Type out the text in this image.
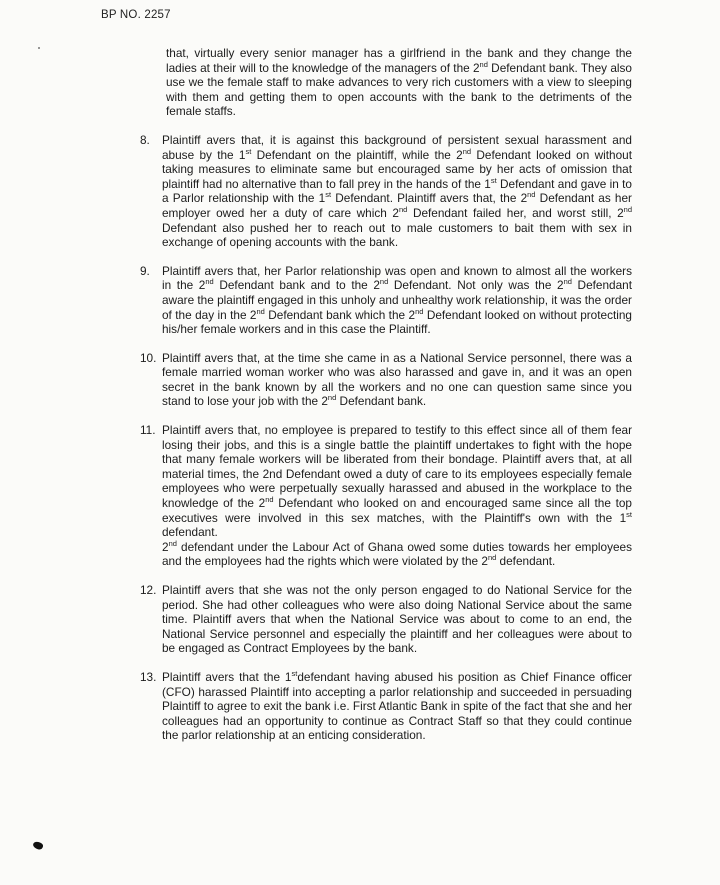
BP NO. 2257

that, virtually every senior manager has a girlfriend in the bank and they change the ladies at their will to the knowledge of the managers of the 2nd Defendant bank. They also use we the female staff to make advances to very rich customers with a view to sleeping with them and getting them to open accounts with the bank to the detriments of the female staffs.

8.	Plaintiff avers that, it is against this background of persistent sexual harassment and abuse by the 1st Defendant on the plaintiff, while the 2nd Defendant looked on without taking measures to eliminate same but encouraged same by her acts of omission that plaintiff had no alternative than to fall prey in the hands of the 1st Defendant and gave in to a Parlor relationship with the 1st Defendant. Plaintiff avers that, the 2nd Defendant as her employer owed her a duty of care which 2nd Defendant failed her, and worst still, 2nd Defendant also pushed her to reach out to male customers to bait them with sex in exchange of opening accounts with the bank.

9.	Plaintiff avers that, her Parlor relationship was open and known to almost all the workers in the 2nd Defendant bank and to the 2nd Defendant. Not only was the 2nd Defendant aware the plaintiff engaged in this unholy and unhealthy work relationship, it was the order of the day in the 2nd Defendant bank which the 2nd Defendant looked on without protecting his/her female workers and in this case the Plaintiff.

10. Plaintiff avers that, at the time she came in as a National Service personnel, there was a female married woman worker who was also harassed and gave in, and it was an open secret in the bank known by all the workers and no one can question same since you stand to lose your job with the 2nd Defendant bank.

11. Plaintiff avers that, no employee is prepared to testify to this effect since all of them fear losing their jobs, and this is a single battle the plaintiff undertakes to fight with the hope that many female workers will be liberated from their bondage. Plaintiff avers that, at all material times, the 2nd Defendant owed a duty of care to its employees especially female employees who were perpetually sexually harassed and abused in the workplace to the knowledge of the 2nd Defendant who looked on and encouraged same since all the top executives were involved in this sex matches, with the Plaintiff's own with the 1st defendant.

2nd defendant under the Labour Act of Ghana owed some duties towards her employees and the employees had the rights which were violated by the 2nd defendant.

12. Plaintiff avers that she was not the only person engaged to do National Service for the period. She had other colleagues who were also doing National Service about the same time. Plaintiff avers that when the National Service was about to come to an end, the National Service personnel and especially the plaintiff and her colleagues were about to be engaged as Contract Employees by the bank.

13. Plaintiff avers that the 1stdefendant having abused his position as Chief Finance officer (CFO) harassed Plaintiff into accepting a parlor relationship and succeeded in persuading Plaintiff to agree to exit the bank i.e. First Atlantic Bank in spite of the fact that she and her colleagues had an opportunity to continue as Contract Staff so that they could continue the parlor relationship at an enticing consideration.
